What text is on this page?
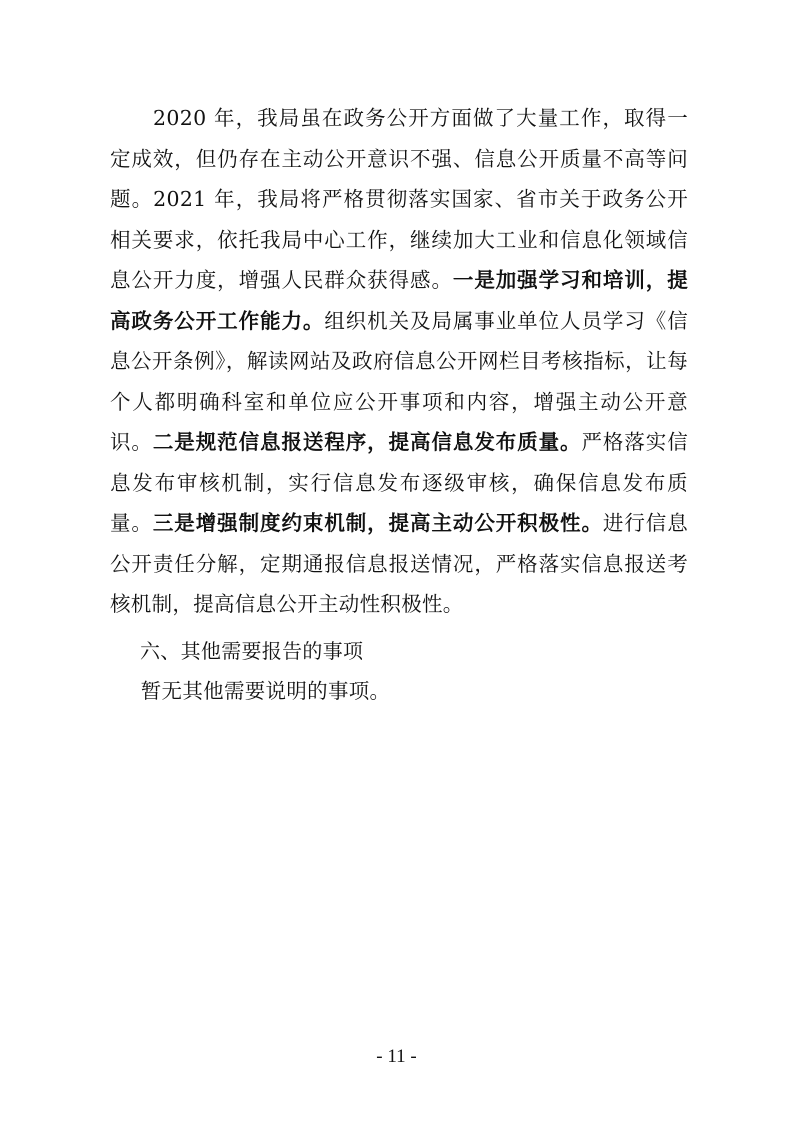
2020 年，我局虽在政务公开方面做了大量工作，取得一定成效，但仍存在主动公开意识不强、信息公开质量不高等问题。2021 年，我局将严格贯彻落实国家、省市关于政务公开相关要求，依托我局中心工作，继续加大工业和信息化领域信息公开力度，增强人民群众获得感。一是加强学习和培训，提高政务公开工作能力。组织机关及局属事业单位人员学习《信息公开条例》，解读网站及政府信息公开网栏目考核指标，让每个人都明确科室和单位应公开事项和内容，增强主动公开意识。二是规范信息报送程序，提高信息发布质量。严格落实信息发布审核机制，实行信息发布逐级审核，确保信息发布质量。三是增强制度约束机制，提高主动公开积极性。进行信息公开责任分解，定期通报信息报送情况，严格落实信息报送考核机制，提高信息公开主动性积极性。

六、其他需要报告的事项

暂无其他需要说明的事项。

- 11 -
